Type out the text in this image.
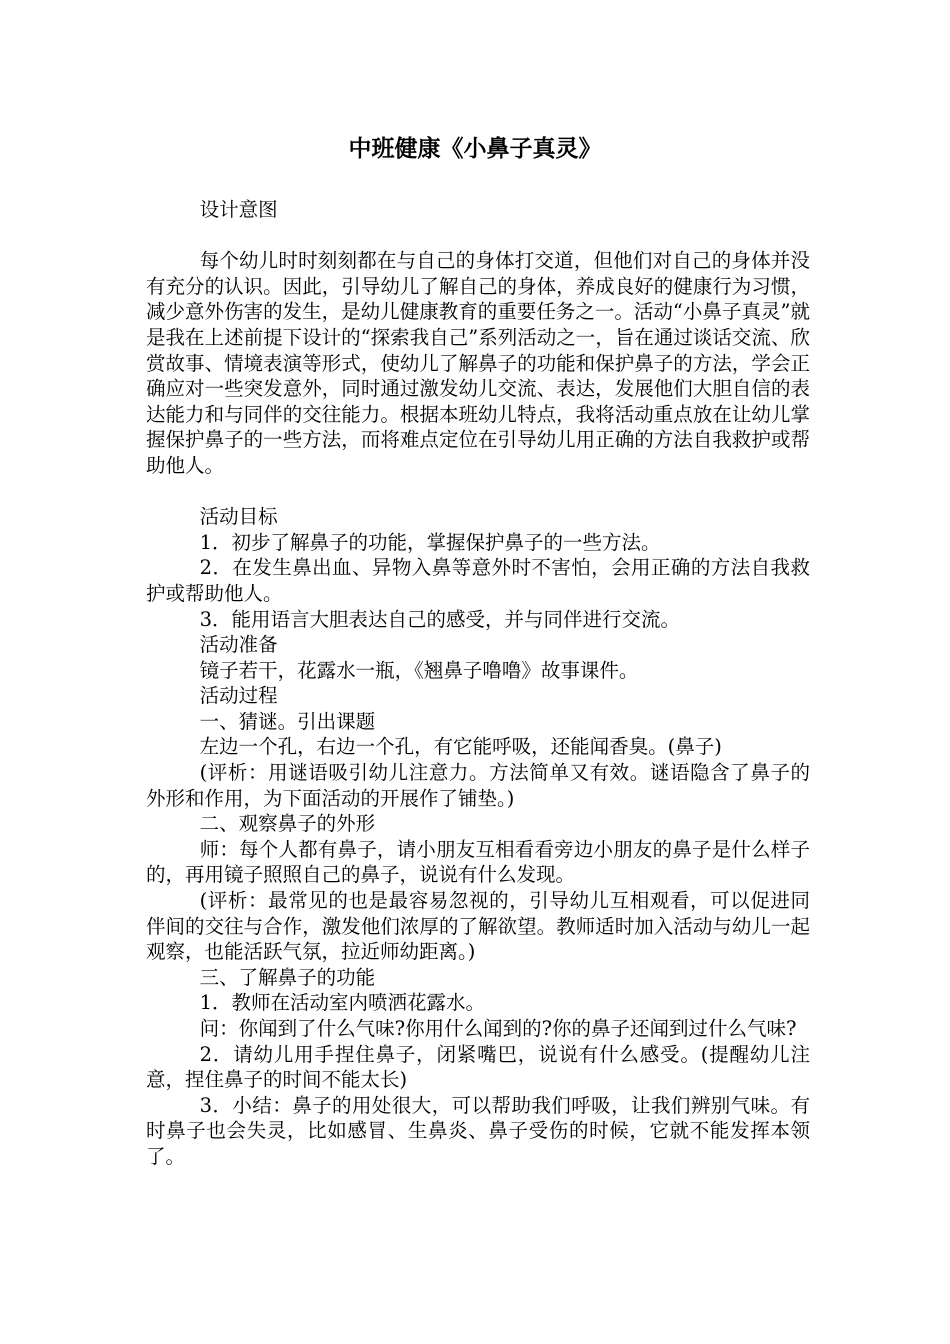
中班健康《小鼻子真灵》

设计意图

每个幼儿时时刻刻都在与自己的身体打交道，但他们对自己的身体并没有充分的认识。因此，引导幼儿了解自己的身体，养成良好的健康行为习惯，减少意外伤害的发生，是幼儿健康教育的重要任务之一。活动“小鼻子真灵”就是我在上述前提下设计的“探索我自己”系列活动之一，旨在通过谈话交流、欣赏故事、情境表演等形式，使幼儿了解鼻子的功能和保护鼻子的方法，学会正确应对一些突发意外，同时通过激发幼儿交流、表达，发展他们大胆自信的表达能力和与同伴的交往能力。根据本班幼儿特点，我将活动重点放在让幼儿掌握保护鼻子的一些方法，而将难点定位在引导幼儿用正确的方法自我救护或帮助他人。

活动目标

1．初步了解鼻子的功能，掌握保护鼻子的一些方法。

2．在发生鼻出血、异物入鼻等意外时不害怕，会用正确的方法自我救护或帮助他人。

3．能用语言大胆表达自己的感受，并与同伴进行交流。

活动准备

镜子若干，花露水一瓶，《翘鼻子噜噜》故事课件。

活动过程

一、猜谜。引出课题

左边一个孔，右边一个孔，有它能呼吸，还能闻香臭。(鼻子)

(评析：用谜语吸引幼儿注意力。方法简单又有效。谜语隐含了鼻子的外形和作用，为下面活动的开展作了铺垫。)

二、观察鼻子的外形

师：每个人都有鼻子，请小朋友互相看看旁边小朋友的鼻子是什么样子的，再用镜子照照自己的鼻子，说说有什么发现。

(评析：最常见的也是最容易忽视的，引导幼儿互相观看，可以促进同伴间的交往与合作，激发他们浓厚的了解欲望。教师适时加入活动与幼儿一起观察，也能活跃气氛，拉近师幼距离。)

三、了解鼻子的功能

1．教师在活动室内喷洒花露水。

问：你闻到了什么气味?你用什么闻到的?你的鼻子还闻到过什么气味?

2．请幼儿用手捏住鼻子，闭紧嘴巴，说说有什么感受。(提醒幼儿注意，捏住鼻子的时间不能太长)

3．小结：鼻子的用处很大，可以帮助我们呼吸，让我们辨别气味。有时鼻子也会失灵，比如感冒、生鼻炎、鼻子受伤的时候，它就不能发挥本领了。
